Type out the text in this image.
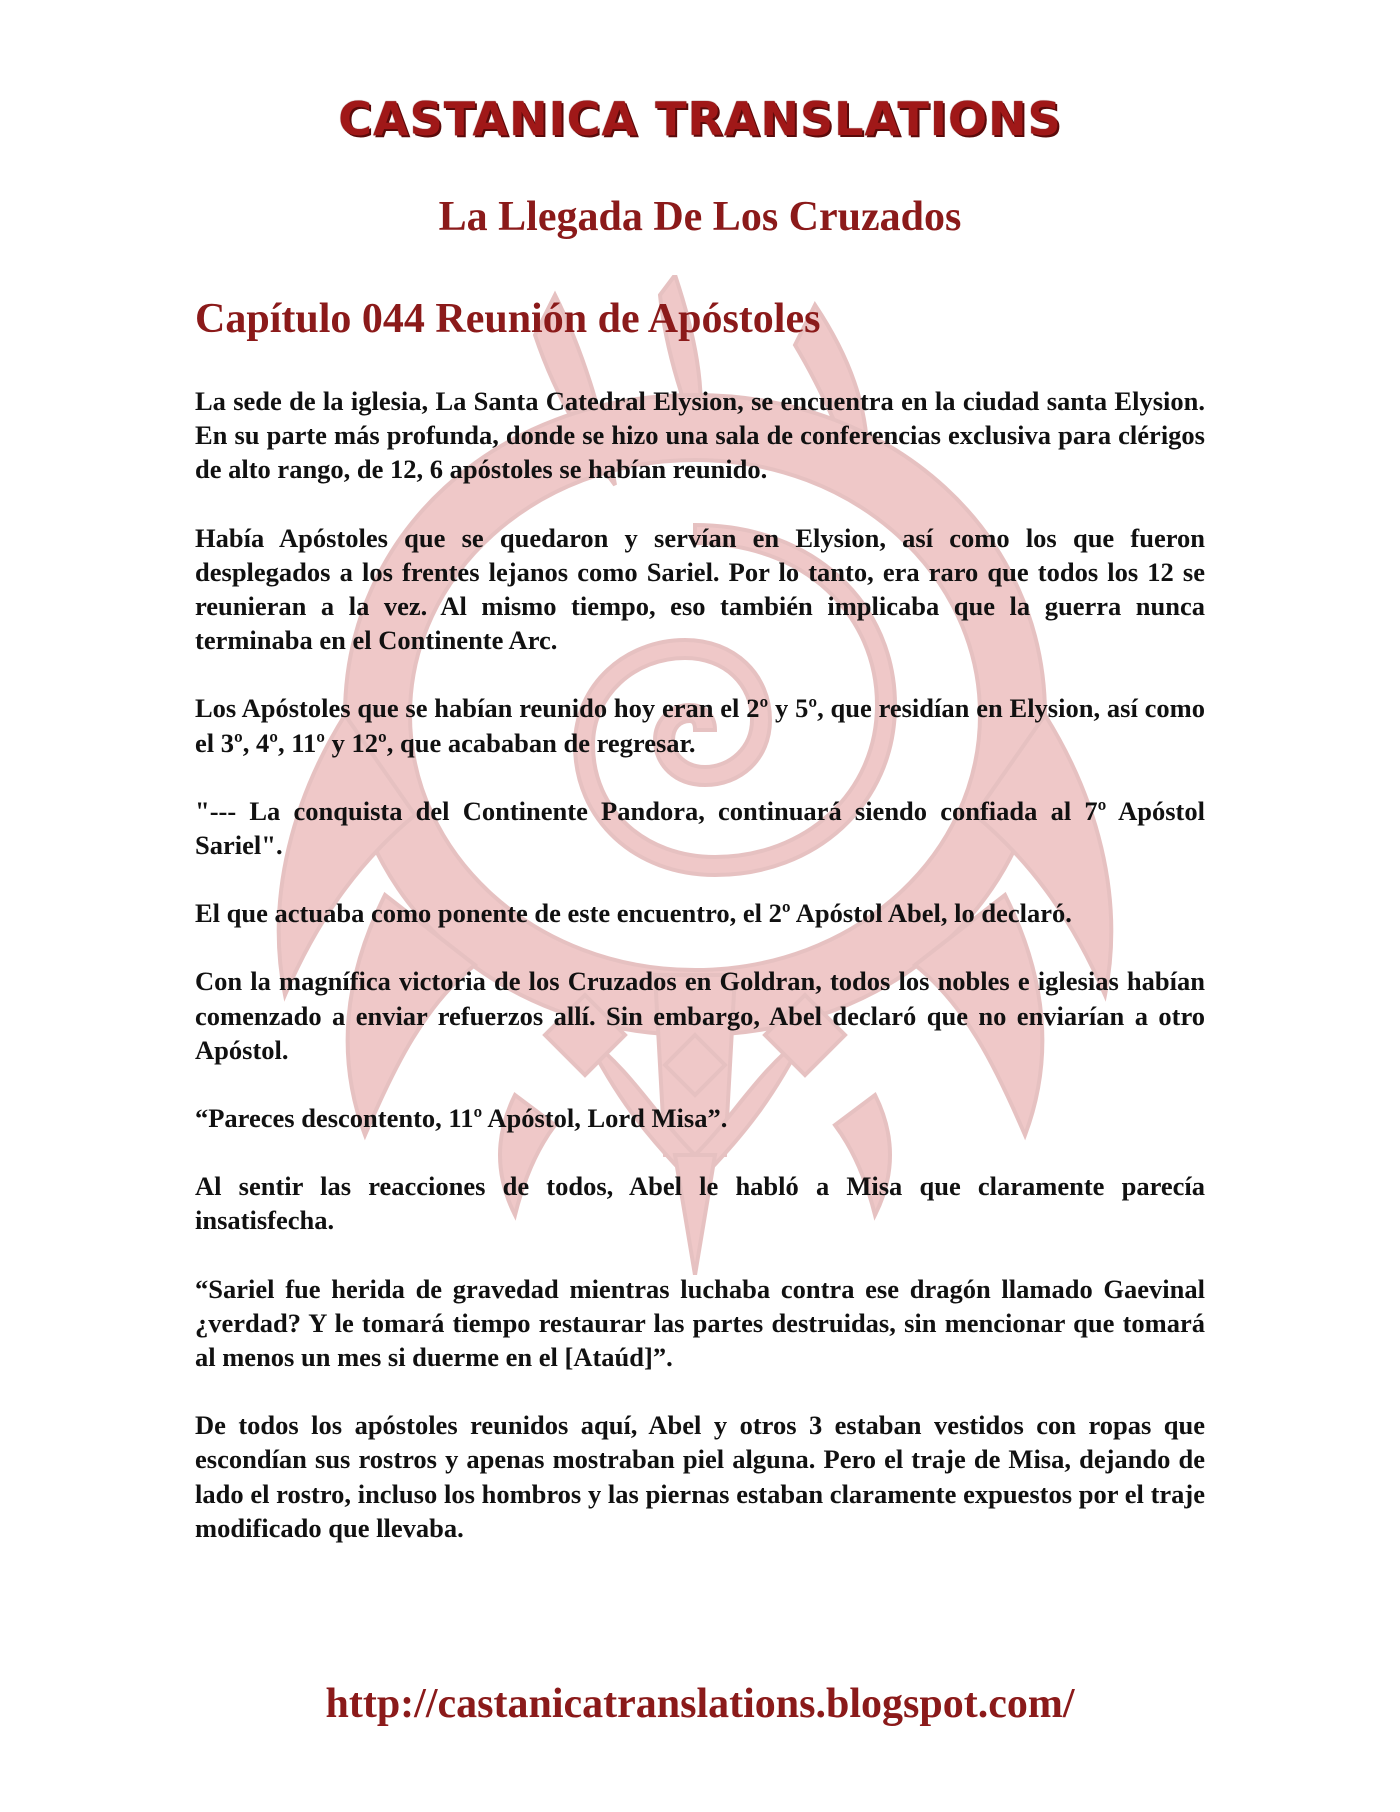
CASTANICA TRANSLATIONS
La Llegada De Los Cruzados
Capítulo 044 Reunión de Apóstoles

La sede de la iglesia, La Santa Catedral Elysion, se encuentra en la ciudad santa Elysion. En su parte más profunda, donde se hizo una sala de conferencias exclusiva para clérigos de alto rango, de 12, 6 apóstoles se habían reunido.

Había Apóstoles que se quedaron y servían en Elysion, así como los que fueron desplegados a los frentes lejanos como Sariel. Por lo tanto, era raro que todos los 12 se reunieran a la vez. Al mismo tiempo, eso también implicaba que la guerra nunca terminaba en el Continente Arc.

Los Apóstoles que se habían reunido hoy eran el 2º y 5º, que residían en Elysion, así como el 3º, 4º, 11º y 12º, que acababan de regresar.

"--- La conquista del Continente Pandora, continuará siendo confiada al 7º Apóstol Sariel".

El que actuaba como ponente de este encuentro, el 2º Apóstol Abel, lo declaró.

Con la magnífica victoria de los Cruzados en Goldran, todos los nobles e iglesias habían comenzado a enviar refuerzos allí. Sin embargo, Abel declaró que no enviarían a otro Apóstol.

“Pareces descontento, 11º Apóstol, Lord Misa”.

Al sentir las reacciones de todos, Abel le habló a Misa que claramente parecía insatisfecha.

“Sariel fue herida de gravedad mientras luchaba contra ese dragón llamado Gaevinal ¿verdad? Y le tomará tiempo restaurar las partes destruidas, sin mencionar que tomará al menos un mes si duerme en el [Ataúd]”.

De todos los apóstoles reunidos aquí, Abel y otros 3 estaban vestidos con ropas que escondían sus rostros y apenas mostraban piel alguna. Pero el traje de Misa, dejando de lado el rostro, incluso los hombros y las piernas estaban claramente expuestos por el traje modificado que llevaba.

http://castanicatranslations.blogspot.com/
